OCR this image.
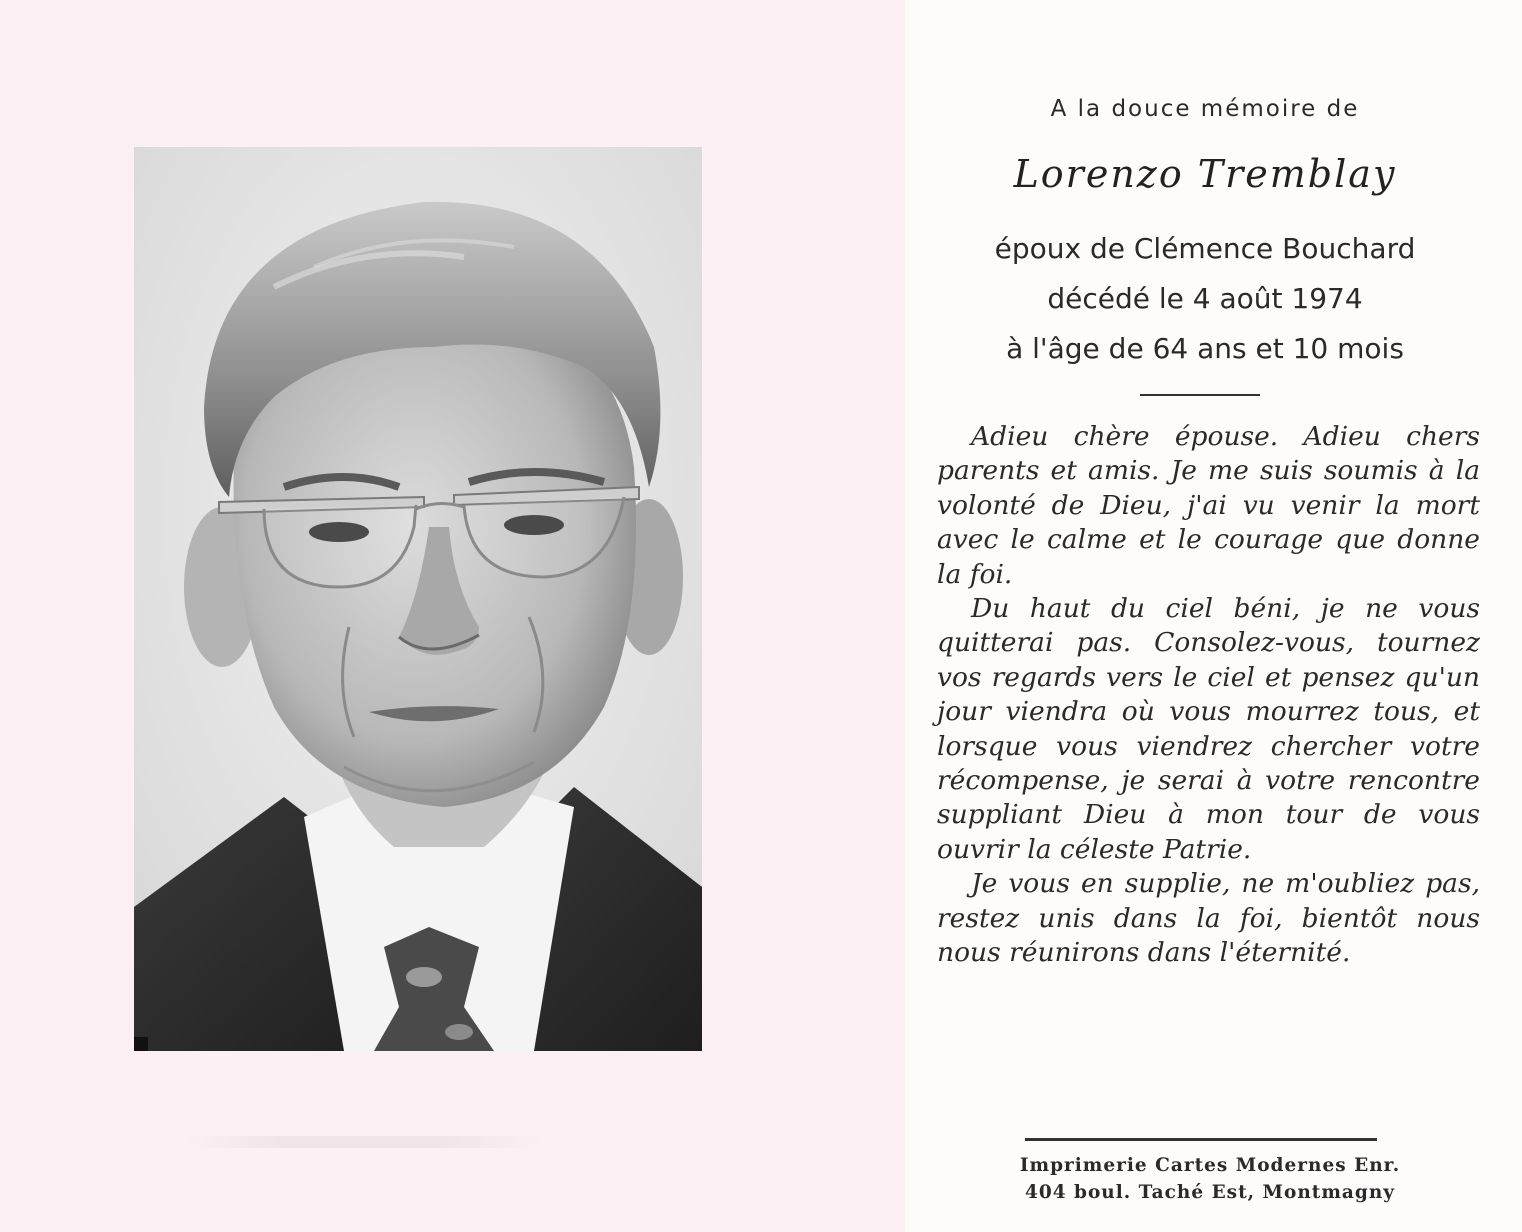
A la douce mémoire de
Lorenzo Tremblay
époux de Clémence Bouchard
décédé le 4 août 1974
à l'âge de 64 ans et 10 mois

Adieu chère épouse. Adieu chers parents et amis. Je me suis soumis à la volonté de Dieu, j'ai vu venir la mort avec le calme et le courage que donne la foi.

Du haut du ciel béni, je ne vous quitterai pas. Consolez-vous, tournez vos regards vers le ciel et pensez qu'un jour viendra où vous mourrez tous, et lorsque vous viendrez chercher votre récompense, je serai à votre rencontre suppliant Dieu à mon tour de vous ouvrir la céleste Patrie.

Je vous en supplie, ne m'oubliez pas, restez unis dans la foi, bientôt nous nous réunirons dans l'éternité.

Imprimerie Cartes Modernes Enr.
404 boul. Taché Est, Montmagny
